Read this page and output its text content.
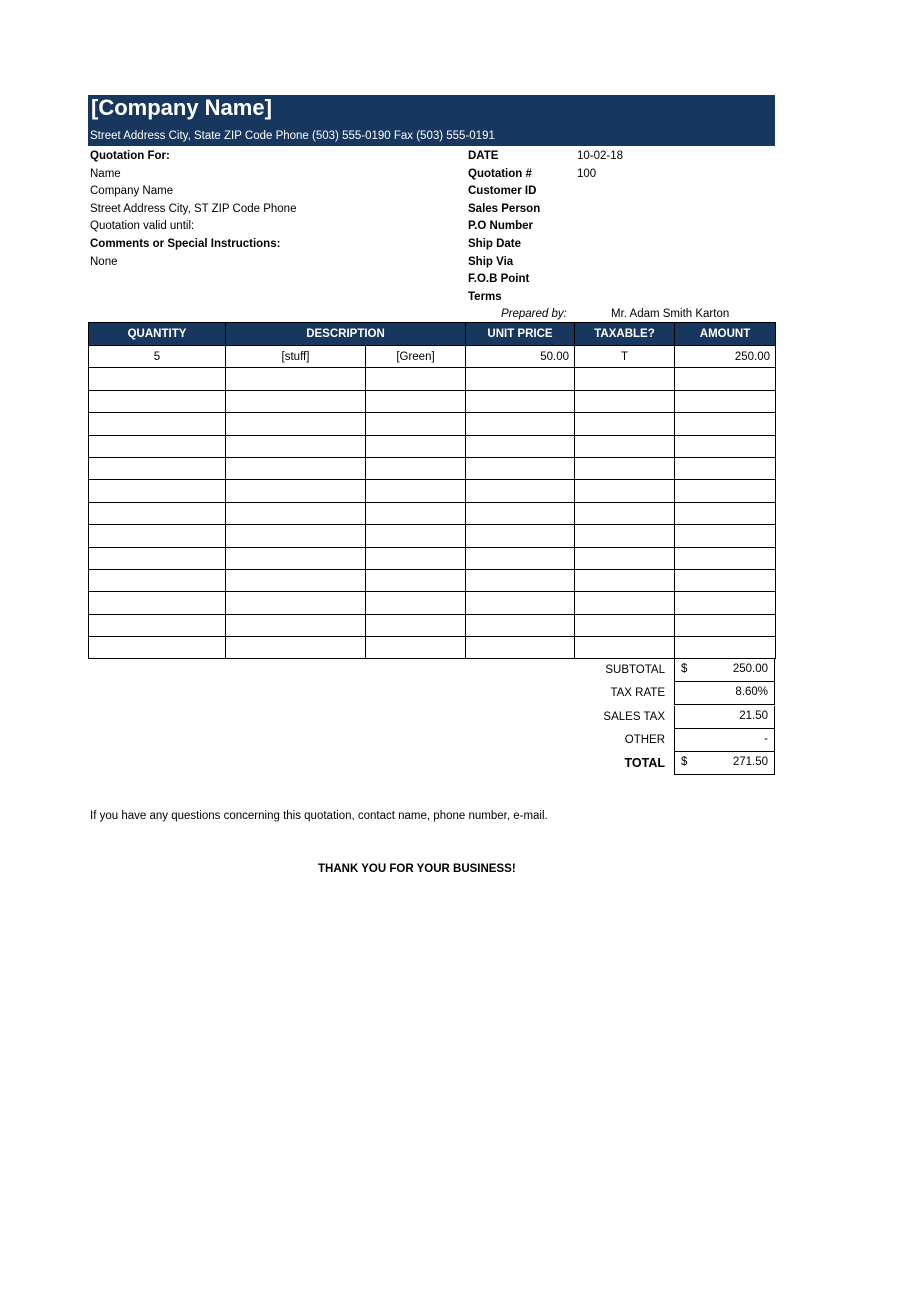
[Company Name]
Street Address City, State ZIP Code Phone (503) 555-0190 Fax (503) 555-0191
Quotation For:
Name
Company Name
Street Address City, ST ZIP Code Phone
Quotation valid until:
Comments or Special Instructions:
None
DATE	10-02-18
Quotation #	100
Customer ID
Sales Person
P.O Number
Ship Date
Ship Via
F.O.B Point
Terms
Prepared by:	Mr. Adam Smith Karton
QUANTITY	DESCRIPTION		UNIT PRICE	TAXABLE?	AMOUNT
5	[stuff]	[Green]	50.00	T	250.00

SUBTOTAL $	250.00
TAX RATE	8.60%
SALES TAX	21.50
OTHER	-
TOTAL $	271.50
If you have any questions concerning this quotation, contact name, phone number, e-mail.
THANK YOU FOR YOUR BUSINESS!
